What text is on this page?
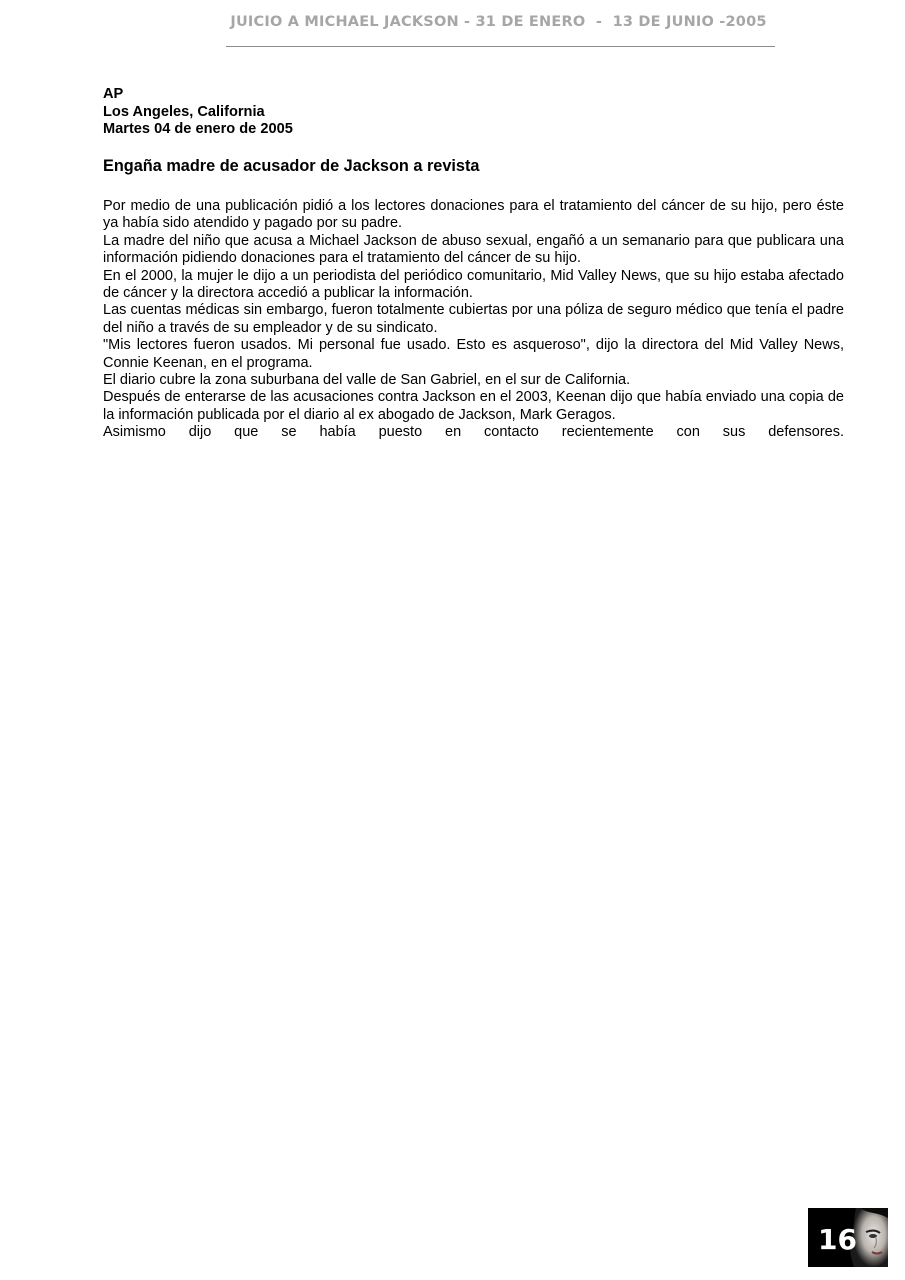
JUICIO A MICHAEL JACKSON - 31 DE ENERO  -  13 DE JUNIO -2005
AP
Los Angeles, California
Martes 04 de enero de 2005
Engaña madre de acusador de Jackson a revista

Por medio de una publicación pidió a los lectores donaciones para el tratamiento del cáncer de su hijo, pero éste ya había sido atendido y pagado por su padre.

La madre del niño que acusa a Michael Jackson de abuso sexual, engañó a un semanario para que publicara una información pidiendo donaciones para el tratamiento del cáncer de su hijo.

En el 2000, la mujer le dijo a un periodista del periódico comunitario, Mid Valley News, que su hijo estaba afectado de cáncer y la directora accedió a publicar la información.

Las cuentas médicas sin embargo, fueron totalmente cubiertas por una póliza de seguro médico que tenía el padre del niño a través de su empleador y de su sindicato.

"Mis lectores fueron usados. Mi personal fue usado. Esto es asqueroso", dijo la directora del Mid Valley News, Connie Keenan, en el programa.

El diario cubre la zona suburbana del valle de San Gabriel, en el sur de California.

Después de enterarse de las acusaciones contra Jackson en el 2003, Keenan dijo que había enviado una copia de la información publicada por el diario al ex abogado de Jackson, Mark Geragos.

Asimismo dijo que se había puesto en contacto recientemente con sus defensores.

16
